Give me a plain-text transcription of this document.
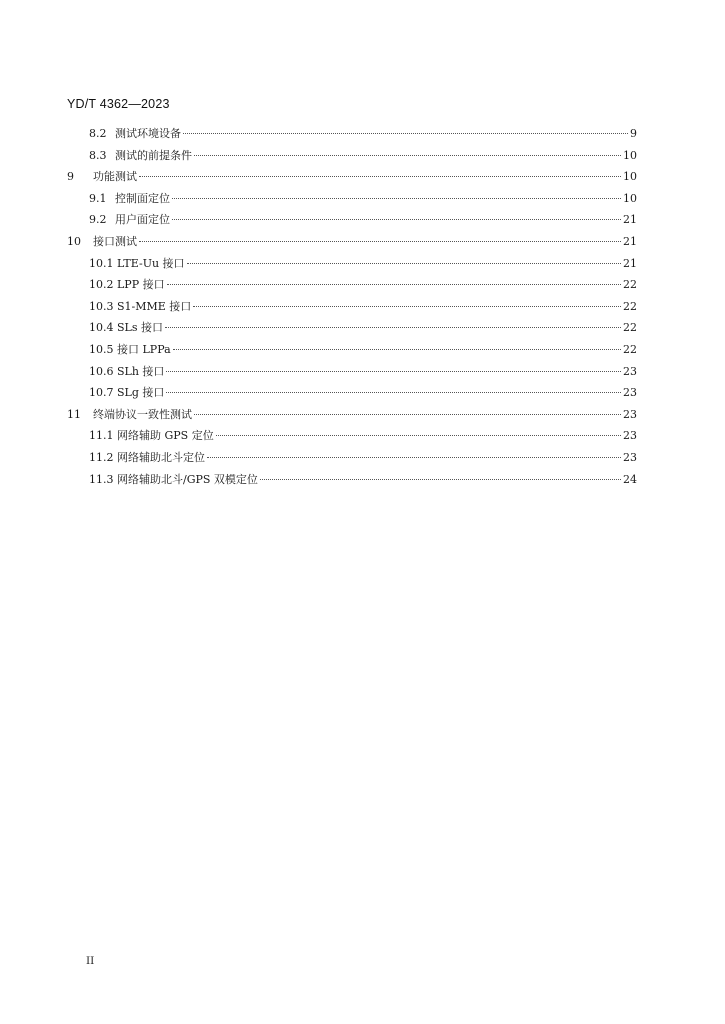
YD/T 4362—2023
8.2 测试环境设备	9
8.3 测试的前提条件	10
9	功能测试	10
9.1 控制面定位	10
9.2 用户面定位	21
10	接口测试	21
10.1 LTE-Uu 接口	21
10.2 LPP 接口	22
10.3 S1-MME 接口	22
10.4 SLs 接口	22
10.5 接口 LPPa	22
10.6 SLh 接口	23
10.7 SLg 接口	23
11	终端协议一致性测试	23
11.1 网络辅助 GPS 定位	23
11.2 网络辅助北斗定位	23
11.3 网络辅助北斗/GPS 双模定位	24
II
